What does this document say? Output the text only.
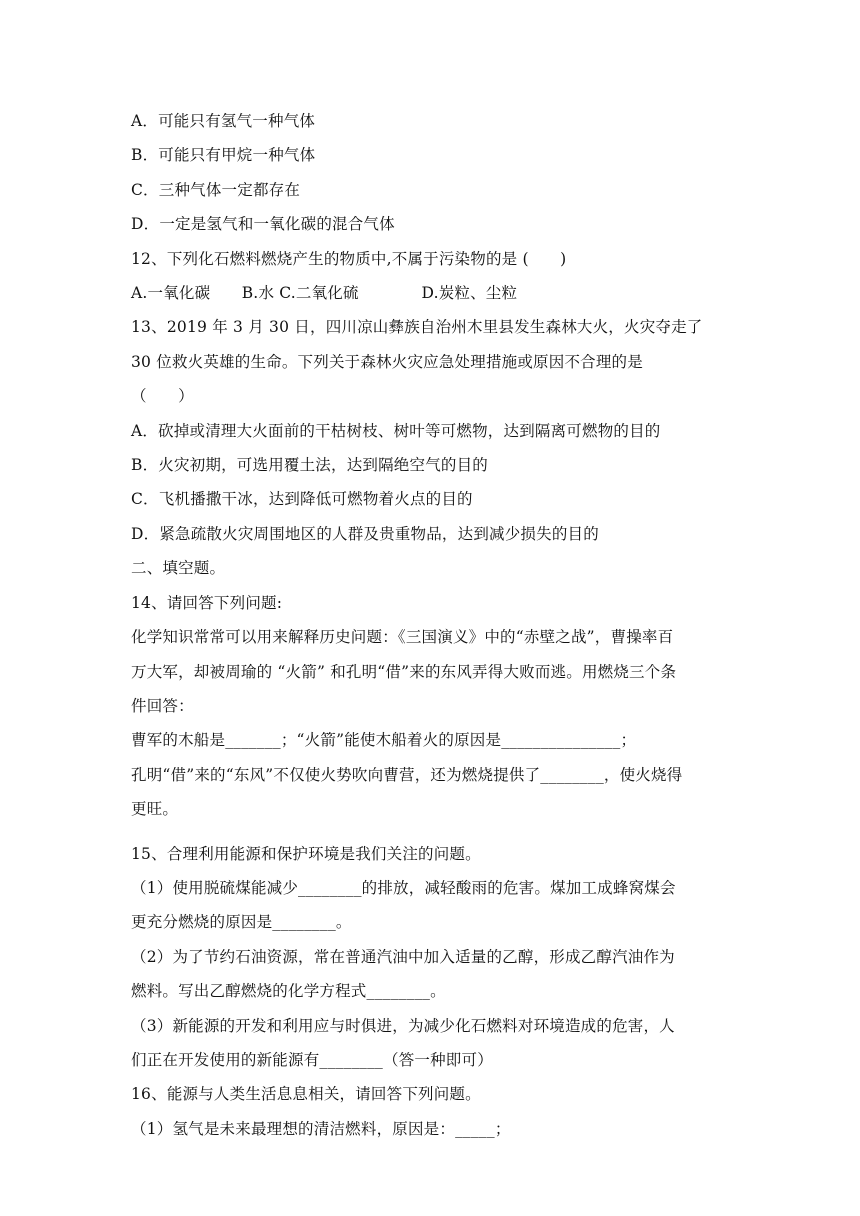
A．可能只有氢气一种气体
B．可能只有甲烷一种气体
C．三种气体一定都存在
D．一定是氢气和一氧化碳的混合气体
12、下列化石燃料燃烧产生的物质中,不属于污染物的是 (　　)
A.一氧化碳　　B.水 C.二氧化硫　　　　D.炭粒、尘粒
13、2019 年 3 月 30 日，四川凉山彝族自治州木里县发生森林大火，火灾夺走了
30 位救火英雄的生命。下列关于森林火灾应急处理措施或原因不合理的是
（　　）
A．砍掉或清理大火面前的干枯树枝、树叶等可燃物，达到隔离可燃物的目的
B．火灾初期，可选用覆土法，达到隔绝空气的目的
C．飞机播撒干冰，达到降低可燃物着火点的目的
D．紧急疏散火灾周围地区的人群及贵重物品，达到减少损失的目的
二、填空题。
14、请回答下列问题:
化学知识常常可以用来解释历史问题：《三国演义》中的“赤壁之战”，曹操率百
万大军，却被周瑜的 “火箭” 和孔明“借”来的东风弄得大败而逃。用燃烧三个条
件回答：
曹军的木船是_______；“火箭”能使木船着火的原因是_______________；
孔明“借”来的“东风”不仅使火势吹向曹营，还为燃烧提供了________，使火烧得
更旺。
15、合理利用能源和保护环境是我们关注的问题。
（1）使用脱硫煤能减少________的排放，减轻酸雨的危害。煤加工成蜂窝煤会
更充分燃烧的原因是________。
（2）为了节约石油资源，常在普通汽油中加入适量的乙醇，形成乙醇汽油作为
燃料。写出乙醇燃烧的化学方程式________。
（3）新能源的开发和利用应与时俱进，为减少化石燃料对环境造成的危害，人
们正在开发使用的新能源有________（答一种即可）
16、能源与人类生活息息相关，请回答下列问题。
（1）氢气是未来最理想的清洁燃料，原因是：_____；
